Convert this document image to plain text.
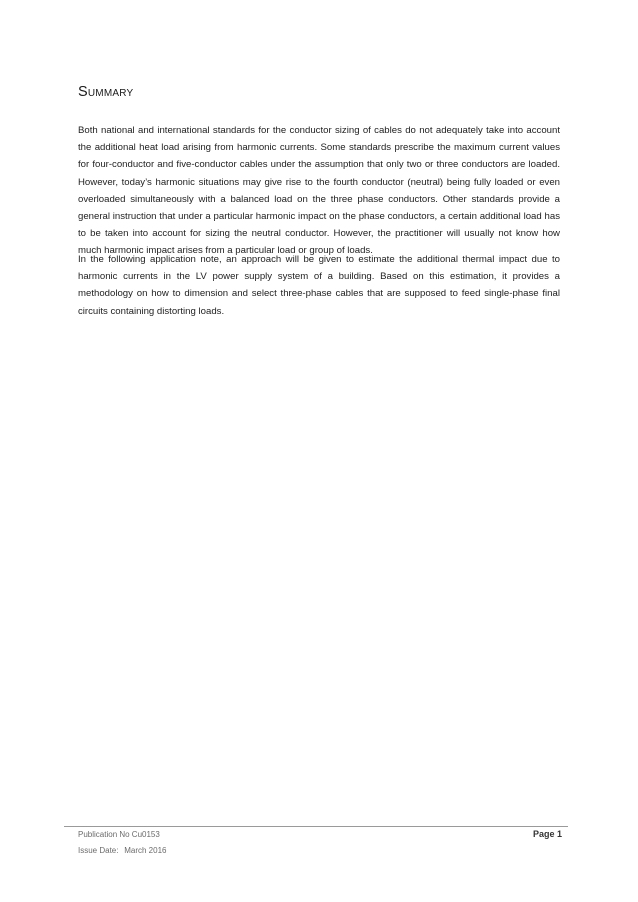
Summary

Both national and international standards for the conductor sizing of cables do not adequately take into account the additional heat load arising from harmonic currents. Some standards prescribe the maximum current values for four-conductor and five-conductor cables under the assumption that only two or three conductors are loaded. However, today’s harmonic situations may give rise to the fourth conductor (neutral) being fully loaded or even overloaded simultaneously with a balanced load on the three phase conductors. Other standards provide a general instruction that under a particular harmonic impact on the phase conductors, a certain additional load has to be taken into account for sizing the neutral conductor. However, the practitioner will usually not know how much harmonic impact arises from a particular load or group of loads.

In the following application note, an approach will be given to estimate the additional thermal impact due to harmonic currents in the LV power supply system of a building. Based on this estimation, it provides a methodology on how to dimension and select three-phase cables that are supposed to feed single-phase final circuits containing distorting loads.

Publication No Cu0153
Issue Date: March 2016
Page 1
